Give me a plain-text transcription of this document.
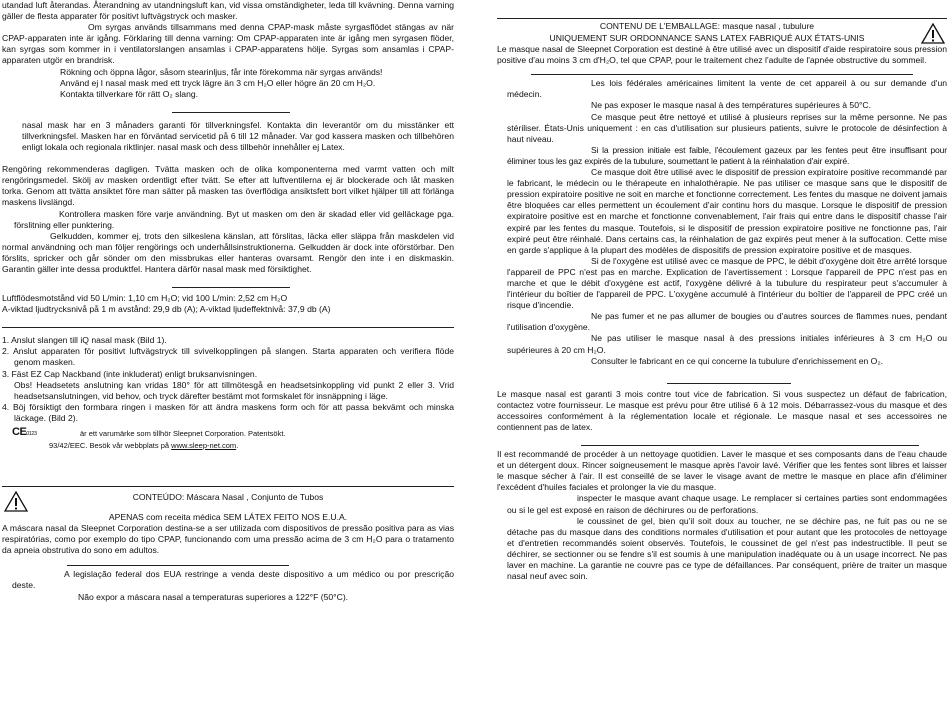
utandad luft återandas. Återandning av utandningsluft kan, vid vissa omständigheter, leda till kvävning. Denna varning gäller de flesta apparater för positivt luftvägstryck och masker.

Om syrgas används tillsammans med denna CPAP-mask måste syrgasflödet stängas av när CPAP-apparaten inte är igång. Förklaring till denna varning: Om CPAP-apparaten inte är igång men syrgasen flöder, kan syrgas som kommer in i ventilatorslangen ansamlas i CPAP-apparatens hölje. Syrgas som ansamlas i CPAP-apparaten utgör en brandrisk.

Rökning och öppna lågor, såsom stearinljus, får inte förekomma när syrgas används!

Använd ej I nasal mask med ett tryck lägre än 3 cm H₂O eller högre än 20 cm H₂O.

Kontakta tillverkare för rätt O₂ slang.

nasal mask har en 3 månaders garanti för tillverkningsfel. Kontakta din leverantör om du misstänker ett tillverkningsfel. Masken har en förväntad servicetid på 6 till 12 månader. Var god kassera masken och tillbehören enligt lokala och regionala riktlinjer. nasal mask och dess tillbehör innehåller ej Latex.

Rengöring rekommenderas dagligen. Tvätta masken och de olika komponenterna med varmt vatten och milt rengöringsmedel. Skölj av masken ordentligt efter tvätt. Se efter att luftventilerna ej är blockerade och låt masken torka. Genom att tvätta ansiktet före man sätter på masken tas överflödiga ansiktsfett bort vilket hjälper till att förlänga maskens livslängd.

Kontrollera masken före varje användning. Byt ut masken om den är skadad eller vid gelläckage pga. förslitning eller punktering.

Gelkudden, kommer ej, trots den silkeslena känslan, att förslitas, läcka eller släppa från maskdelen vid normal användning och man följer rengörings och underhållsinstruktionerna. Gelkudden är dock inte oförstörbar. Den förslits, spricker och går sönder om den missbrukas eller hanteras ovarsamt. Rengör den inte i en diskmaskin. Garantin gäller inte dessa produktfel. Hantera därför nasal mask med försiktighet.

Luftflödesmotstånd vid 50 L/min: 1,10 cm H₂O; vid 100 L/min: 2,52 cm H₂O

A-viktad ljudtrycksnivå på 1 m avstånd: 29,9 db (A); A-viktad ljudeffektnivå: 37,9 db (A)

1. Anslut slangen till iQ nasal mask (Bild 1).

2. Anslut apparaten för positivt luftvägstryck till svivelkopplingen på slangen. Starta apparaten och verifiera flöde genom masken.

3. Fäst EZ Cap Nackband (inte inkluderat) enligt bruksanvisningen.

Obs! Headsetets anslutning kan vridas 180° för att tillmötesgå en headsetsinkoppling vid punkt 2 eller 3. Vrid headsetsanslutningen, vid behov, och tryck därefter bestämt mot formskalet för insnäppning i läge.

4. Böj försiktigt den formbara ringen i masken för att ändra maskens form och för att passa bekvämt och minska läckage. (Bild 2).

CE0123	är ett varumärke som tillhör Sleepnet Corporation. Patentsökt.
93/42/EEC. Besök vår webbplats på www.sleep-net.com.

CONTEÚDO: Máscara Nasal , Conjunto de Tubos

APENAS com receita médica SEM LÁTEX FEITO NOS E.U.A.

A máscara nasal da Sleepnet Corporation destina-se a ser utilizada com dispositivos de pressão positiva para as vias respiratórias, como por exemplo do tipo CPAP, funcionando com uma pressão acima de 3 cm H₂O para o tratamento da apneia obstrutiva do sono em adultos.

A legislação federal dos EUA restringe a venda deste dispositivo a um médico ou por prescrição deste.

Não expor a máscara nasal a temperaturas superiores a 122°F (50°C).

CONTENU DE L'EMBALLAGE: masque nasal , tubulure

UNIQUEMENT SUR ORDONNANCE SANS LATEX FABRIQUÉ AUX ÉTATS-UNIS

Le masque nasal de Sleepnet Corporation est destiné à être utilisé avec un dispositif d'aide respiratoire sous pression positive d'au moins 3 cm d'H₂O, tel que CPAP, pour le traitement chez l'adulte de l'apnée obstructive du sommeil.

Les lois fédérales américaines limitent la vente de cet appareil à ou sur demande d'un médecin.

Ne pas exposer le masque nasal à des températures supérieures à 50°C.

Ce masque peut être nettoyé et utilisé à plusieurs reprises sur la même personne. Ne pas stériliser. États-Unis uniquement : en cas d'utilisation sur plusieurs patients, suivre le protocole de désinfection à haut niveau.

Si la pression initiale est faible, l'écoulement gazeux par les fentes peut être insuffisant pour éliminer tous les gaz expirés de la tubulure, soumettant le patient à la réinhalation d'air expiré.

Ce masque doit être utilisé avec le dispositif de pression expiratoire positive recommandé par le fabricant, le médecin ou le thérapeute en inhalothérapie. Ne pas utiliser ce masque sans que le dispositif de pression expiratoire positive ne soit en marche et fonctionne correctement. Les fentes du masque ne doivent jamais être bloquées car elles permettent un écoulement d'air continu hors du masque. Lorsque le dispositif de pression expiratoire positive est en marche et fonctionne convenablement, l'air frais qui entre dans le dispositif chasse l'air expiré par les fentes du masque. Toutefois, si le dispositif de pression expiratoire positive ne fonctionne pas, l'air expiré peut être réinhalé. Dans certains cas, la réinhalation de gaz expirés peut mener à la suffocation. Cette mise en garde s'applique à la plupart des modèles de dispositifs de pression expiratoire positive et de masques.

Si de l'oxygène est utilisé avec ce masque de PPC, le débit d'oxygène doit être arrêté lorsque l'appareil de PPC n'est pas en marche. Explication de l'avertissement : Lorsque l'appareil de PPC n'est pas en marche et que le débit d'oxygène est actif, l'oxygène délivré à la tubulure du respirateur peut s'accumuler à l'intérieur du boîtier de l'appareil de PPC. L'oxygène accumulé à l'intérieur du boîtier de l'appareil de PPC créé un risque d'incendie.

Ne pas fumer et ne pas allumer de bougies ou d'autres sources de flammes nues, pendant l'utilisation d'oxygène.

Ne pas utiliser le masque nasal à des pressions initiales inférieures à 3 cm H₂O ou supérieures à 20 cm H₂O.

Consulter le fabricant en ce qui concerne la tubulure d'enrichissement en O₂.

Le masque nasal est garanti 3 mois contre tout vice de fabrication. Si vous suspectez un défaut de fabrication, contactez votre fournisseur. Le masque est prévu pour être utilisé 6 à 12 mois. Débarrassez-vous du masque et des accessoires conformément à la réglementation locale et régionale. Le masque nasal et ses accessoires ne contiennent pas de latex.

Il est recommandé de procéder à un nettoyage quotidien. Laver le masque et ses composants dans de l'eau chaude et un détergent doux. Rincer soigneusement le masque après l'avoir lavé. Vérifier que les fentes sont libres et laisser le masque sécher à l'air. Il est conseillé de se laver le visage avant de mettre le masque en place afin d'éliminer l'excédent d'huiles faciales et prolonger la vie du masque.

inspecter le masque avant chaque usage. Le remplacer si certaines parties sont endommagées ou si le gel est exposé en raison de déchirures ou de perforations.

le coussinet de gel, bien qu'il soit doux au toucher, ne se déchire pas, ne fuit pas ou ne se détache pas du masque dans des conditions normales d'utilisation et pour autant que les protocoles de nettoyage et d'entretien recommandés soient observés. Toutefois, le coussinet de gel n'est pas indestructible. Il peut se déchirer, se sectionner ou se fendre s'il est soumis à une manipulation inadéquate ou à un usage incorrect. Ne pas laver en machine. La garantie ne couvre pas ce type de défaillances. Par conséquent, prière de traiter un masque nasal neuf avec soin.
